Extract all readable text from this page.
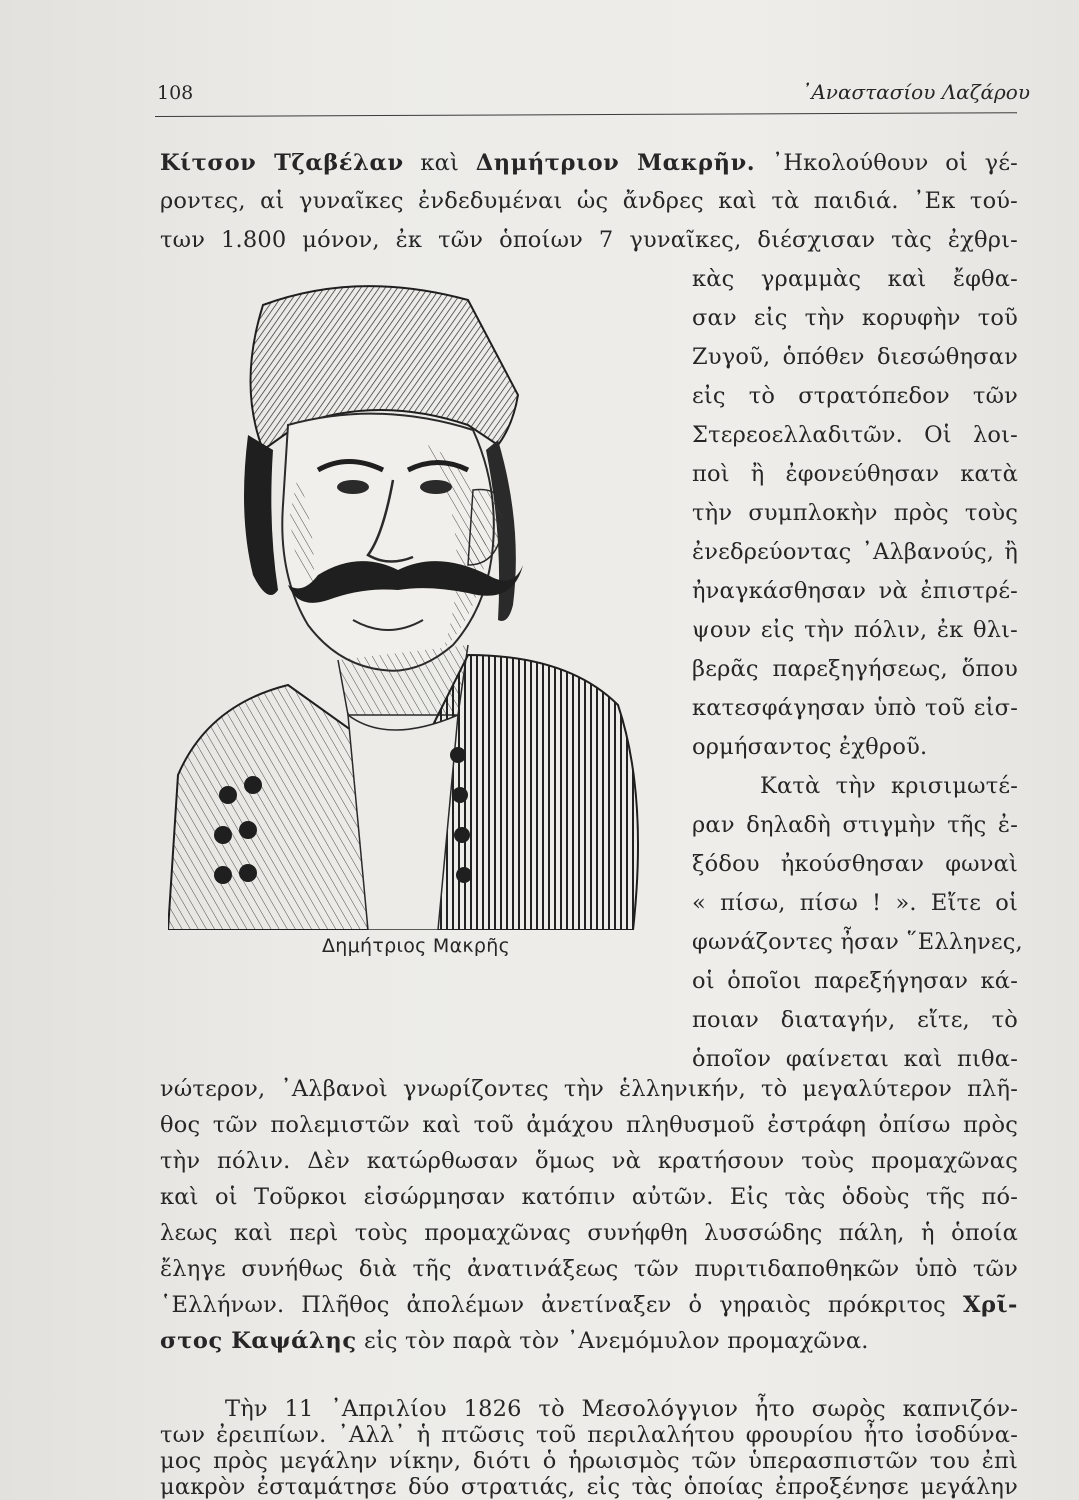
108	᾿Αναστασίου Λαζάρου
Κίτσον Τζαβέλαν καὶ Δημήτριον Μακρῆν. ᾿Ηκολούθουν οἱ γέ-
ροντες, αἱ γυναῖκες ἐνδεδυμέναι ὡς ἄνδρες καὶ τὰ παιδιά. ᾿Εκ τού-
των 1.800 μόνον, ἐκ τῶν ὁποίων 7 γυναῖκες, διέσχισαν τὰς ἐχθρι-
κὰς γραμμὰς καὶ ἔφθα-
σαν εἰς τὴν κορυφὴν τοῦ
Ζυγοῦ, ὁπόθεν διεσώθησαν
εἰς τὸ στρατόπεδον τῶν
Στερεοελλαδιτῶν. Οἱ λοι-
ποὶ ἢ ἐφονεύθησαν κατὰ
τὴν συμπλοκὴν πρὸς τοὺς
ἐνεδρεύοντας ᾿Αλβανούς, ἢ
ἠναγκάσθησαν νὰ ἐπιστρέ-
ψουν εἰς τὴν πόλιν, ἐκ θλι-
βερᾶς παρεξηγήσεως, ὅπου
κατεσφάγησαν ὑπὸ τοῦ εἰσ-
ορμήσαντος ἐχθροῦ.
Κατὰ τὴν κρισιμωτέ-
ραν δηλαδὴ στιγμὴν τῆς ἐ-
ξόδου ἠκούσθησαν φωναὶ
« πίσω, πίσω ! ». Εἴτε οἱ
φωνάζοντες ἦσαν ῞Ελληνες,
οἱ ὁποῖοι παρεξήγησαν κά-
ποιαν διαταγήν, εἴτε, τὸ
ὁποῖον φαίνεται καὶ πιθα-
νώτερον, ᾿Αλβανοὶ γνωρίζοντες τὴν ἑλληνικήν, τὸ μεγαλύτερον πλῆ-
θος τῶν πολεμιστῶν καὶ τοῦ ἀμάχου πληθυσμοῦ ἐστράφη ὀπίσω πρὸς
τὴν πόλιν. Δὲν κατώρθωσαν ὅμως νὰ κρατήσουν τοὺς προμαχῶνας
καὶ οἱ Τοῦρκοι εἰσώρμησαν κατόπιν αὐτῶν. Εἰς τὰς ὁδοὺς τῆς πό-
λεως καὶ περὶ τοὺς προμαχῶνας συνήφθη λυσσώδης πάλη, ἡ ὁποία
ἔληγε συνήθως διὰ τῆς ἀνατινάξεως τῶν πυριτιδαποθηκῶν ὑπὸ τῶν
῾Ελλήνων. Πλῆθος ἀπολέμων ἀνετίναξεν ὁ γηραιὸς πρόκριτος Χρῖ-
στος Καψάλης εἰς τὸν παρὰ τὸν ᾿Ανεμόμυλον προμαχῶνα.
Τὴν 11 ᾿Απριλίου 1826 τὸ Μεσολόγγιον ἦτο σωρὸς καπνιζόν-
των ἐρειπίων. ᾿Αλλ᾿ ἡ πτῶσις τοῦ περιλαλήτου φρουρίου ἦτο ἰσοδύνα-
Δημήτριος Μακρῆς
μος πρὸς μεγάλην νίκην, διότι ὁ ἡρωισμὸς τῶν ὑπερασπιστῶν του ἐπὶ
μακρὸν ἐσταμάτησε δύο στρατιάς, εἰς τὰς ὁποίας ἐπροξένησε μεγάλην
